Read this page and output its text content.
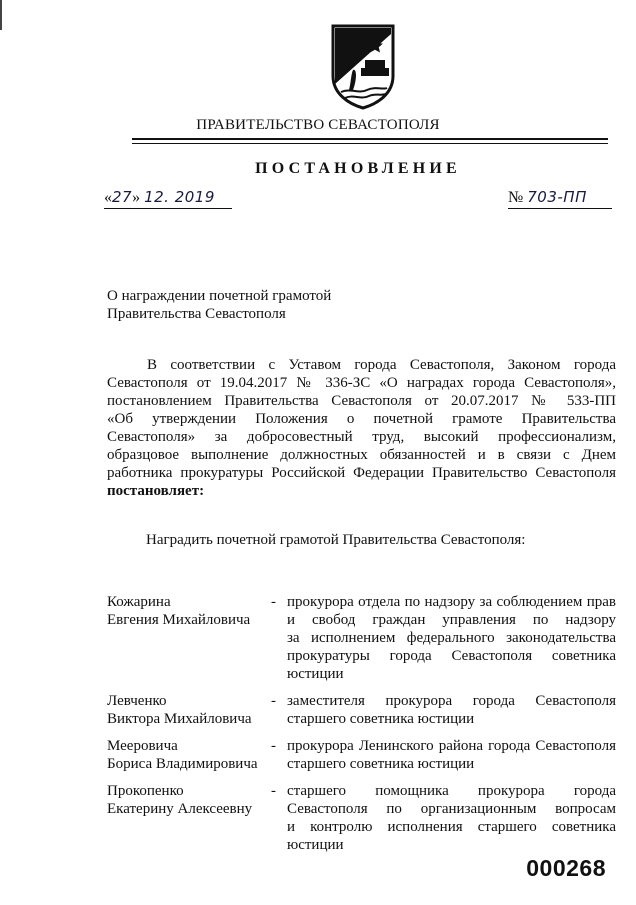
ПРАВИТЕЛЬСТВО СЕВАСТОПОЛЯ
ПОСТАНОВЛЕНИЕ
«27» 12. 2019	№ 703-ПП
О награждении почетной грамотой
Правительства Севастополя
В соответствии с Уставом города Севастополя, Законом города
Севастополя от 19.04.2017 № 336-ЗС «О наградах города Севастополя»,
постановлением Правительства Севастополя от 20.07.2017 № 533-ПП
«Об утверждении Положения о почетной грамоте Правительства
Севастополя» за добросовестный труд, высокий профессионализм,
образцовое выполнение должностных обязанностей и в связи с Днем
работника прокуратуры Российской Федерации Правительство Севастополя
постановляет:
Наградить почетной грамотой Правительства Севастополя:
Кожарина
Евгения Михайловича
- прокурора отдела по надзору за соблюдением прав
и свобод граждан управления по надзору
за исполнением федерального законодательства
прокуратуры города Севастополя советника
юстиции
Левченко
Виктора Михайловича
- заместителя прокурора города Севастополя
старшего советника юстиции
Мееровича
Бориса Владимировича
- прокурора Ленинского района города Севастополя
старшего советника юстиции
Прокопенко
Екатерину Алексеевну
- старшего помощника прокурора города
Севастополя по организационным вопросам
и контролю исполнения старшего советника
юстиции
000268
